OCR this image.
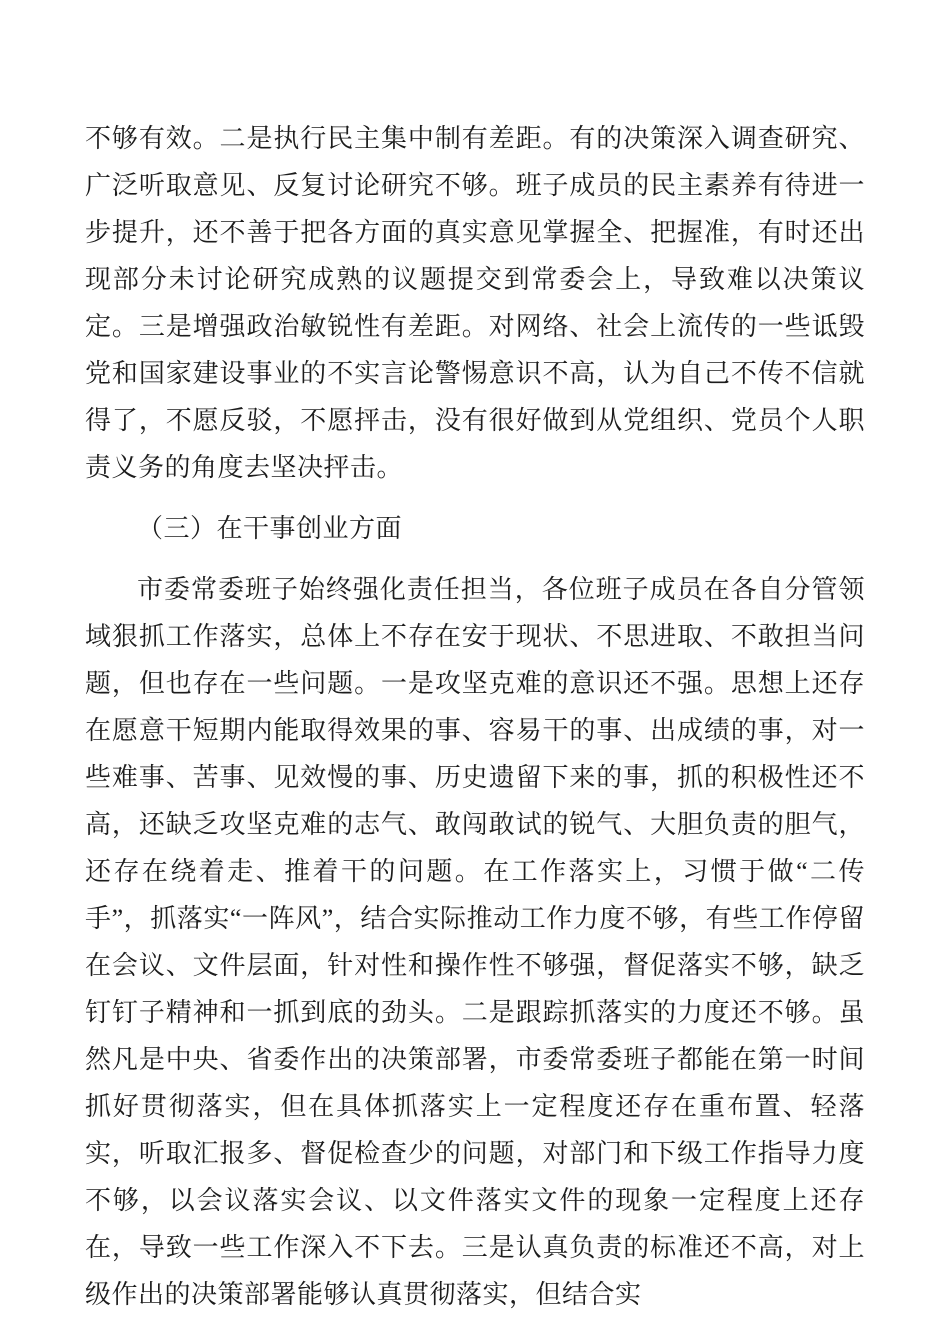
不够有效。二是执行民主集中制有差距。有的决策深入调查研究、广泛听取意见、反复讨论研究不够。班子成员的民主素养有待进一步提升，还不善于把各方面的真实意见掌握全、把握准，有时还出现部分未讨论研究成熟的议题提交到常委会上，导致难以决策议定。三是增强政治敏锐性有差距。对网络、社会上流传的一些诋毁党和国家建设事业的不实言论警惕意识不高，认为自己不传不信就得了，不愿反驳，不愿抨击，没有很好做到从党组织、党员个人职责义务的角度去坚决抨击。

（三）在干事创业方面

市委常委班子始终强化责任担当，各位班子成员在各自分管领域狠抓工作落实，总体上不存在安于现状、不思进取、不敢担当问题，但也存在一些问题。一是攻坚克难的意识还不强。思想上还存在愿意干短期内能取得效果的事、容易干的事、出成绩的事，对一些难事、苦事、见效慢的事、历史遗留下来的事，抓的积极性还不高，还缺乏攻坚克难的志气、敢闯敢试的锐气、大胆负责的胆气，还存在绕着走、推着干的问题。在工作落实上，习惯于做“二传手”，抓落实“一阵风”，结合实际推动工作力度不够，有些工作停留在会议、文件层面，针对性和操作性不够强，督促落实不够，缺乏钉钉子精神和一抓到底的劲头。二是跟踪抓落实的力度还不够。虽然凡是中央、省委作出的决策部署，市委常委班子都能在第一时间抓好贯彻落实，但在具体抓落实上一定程度还存在重布置、轻落实，听取汇报多、督促检查少的问题，对部门和下级工作指导力度不够，以会议落实会议、以文件落实文件的现象一定程度上还存在，导致一些工作深入不下去。三是认真负责的标准还不高，对上级作出的决策部署能够认真贯彻落实，但结合实
